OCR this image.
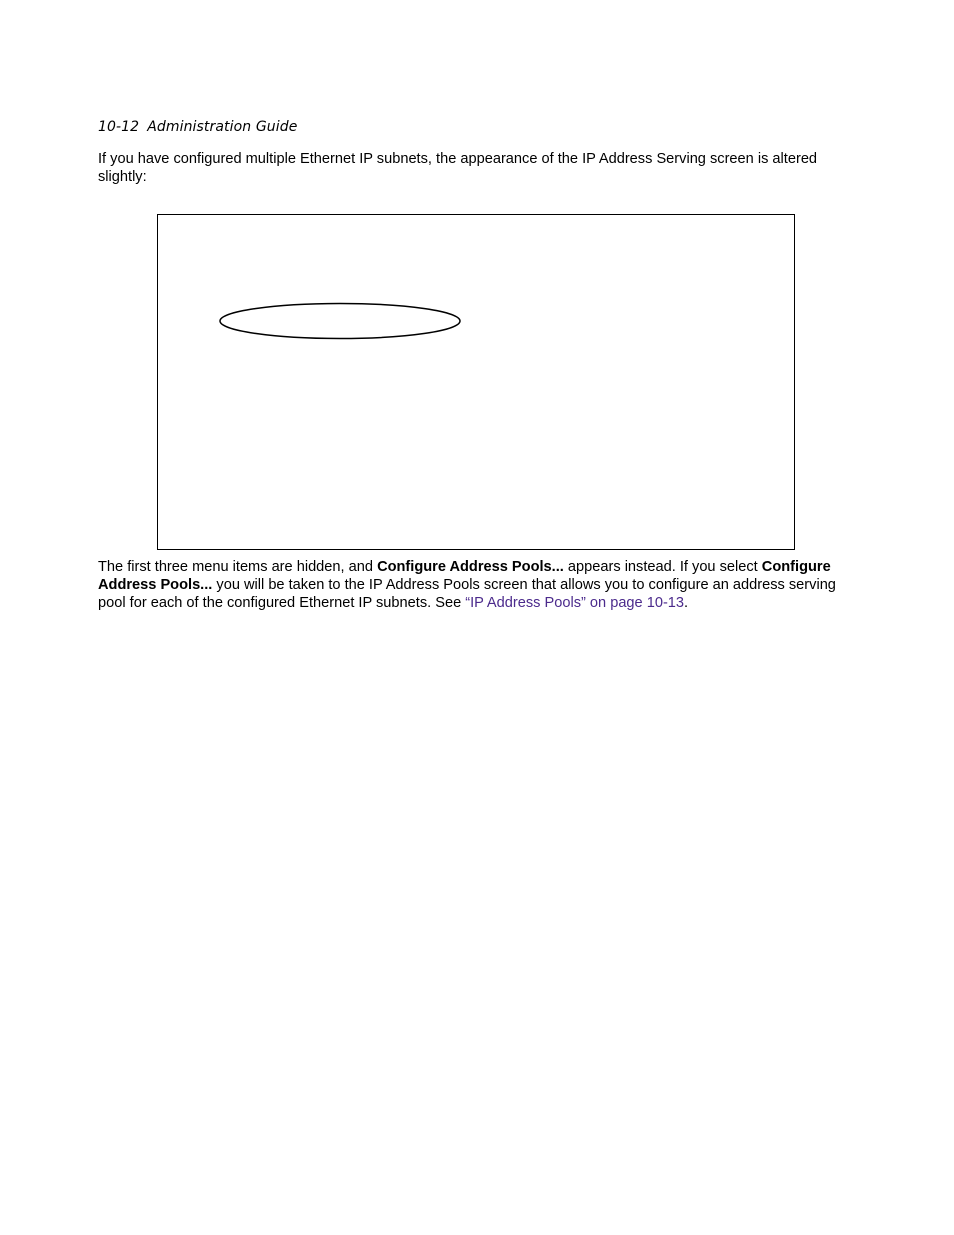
10-12 Administration Guide
If you have configured multiple Ethernet IP subnets, the appearance of the IP Address Serving screen is altered slightly:
The first three menu items are hidden, and Configure Address Pools... appears instead. If you select Configure Address Pools... you will be taken to the IP Address Pools screen that allows you to configure an address serving pool for each of the configured Ethernet IP subnets. See “IP Address Pools” on page 10-13.
